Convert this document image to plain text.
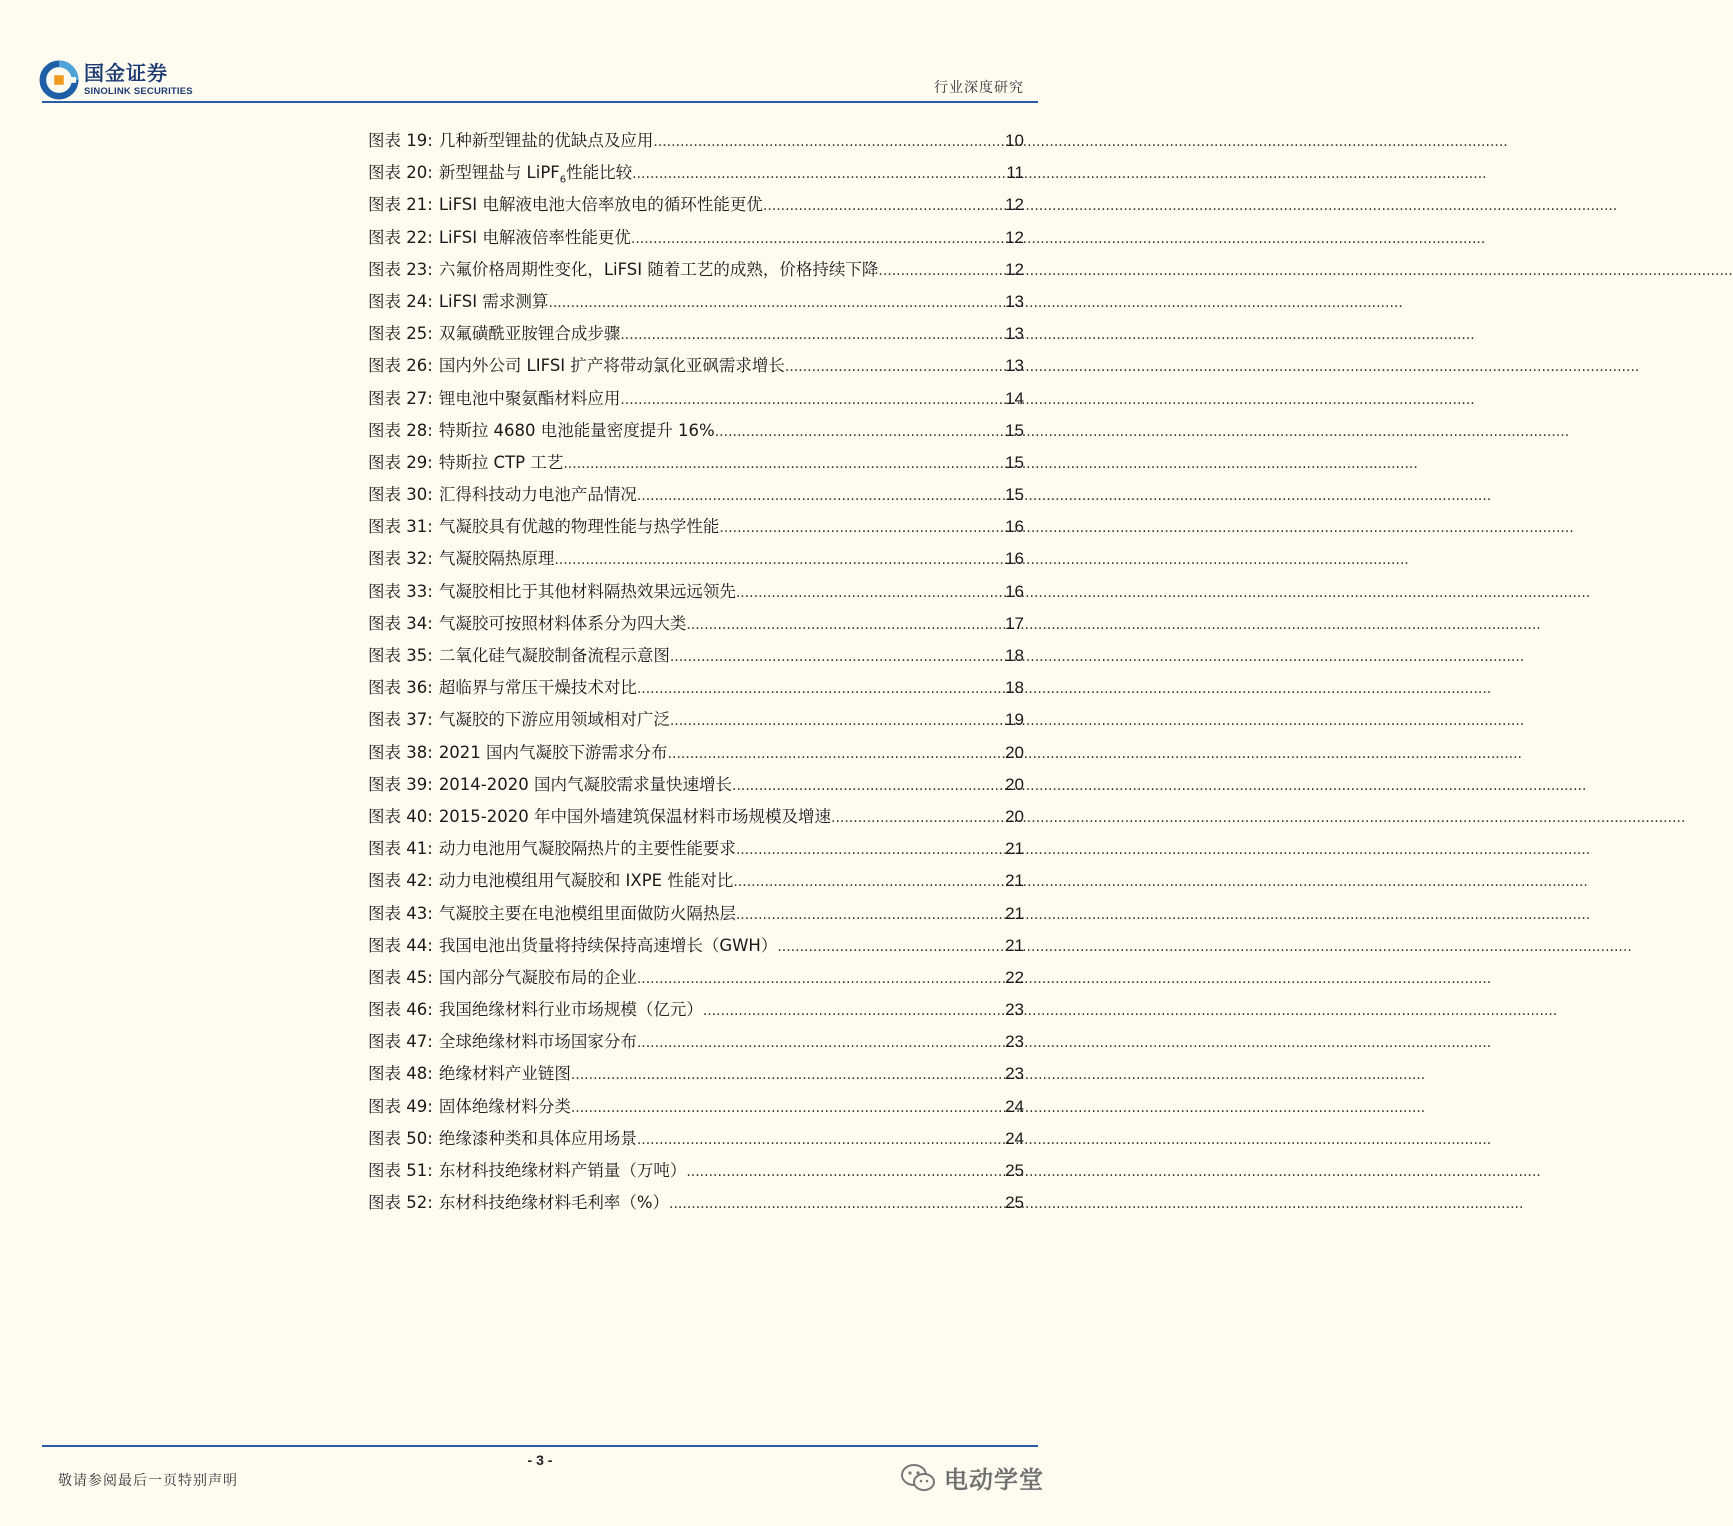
国金证券
SINOLINK SECURITIES	行业深度研究
图表 19: 几种新型锂盐的优缺点及应用 .....	10
图表 20: 新型锂盐与 LiPF$_6$性能比较 .....	11
图表 21: LiFSI 电解液电池大倍率放电的循环性能更优 .....	12
图表 22: LiFSI 电解液倍率性能更优 .....	12
图表 23: 六氟价格周期性变化，LiFSI 随着工艺的成熟，价格持续下降 .....	12
图表 24: LiFSI 需求测算 .....	13
图表 25: 双氟磺酰亚胺锂合成步骤 .....	13
图表 26: 国内外公司 LIFSI 扩产将带动氯化亚砜需求增长 .....	13
图表 27: 锂电池中聚氨酯材料应用 .....	14
图表 28: 特斯拉 4680 电池能量密度提升 16% .....	15
图表 29: 特斯拉 CTP 工艺 .....	15
图表 30: 汇得科技动力电池产品情况 .....	15
图表 31: 气凝胶具有优越的物理性能与热学性能 .....	16
图表 32: 气凝胶隔热原理 .....	16
图表 33: 气凝胶相比于其他材料隔热效果远远领先 .....	16
图表 34: 气凝胶可按照材料体系分为四大类 .....	17
图表 35: 二氧化硅气凝胶制备流程示意图 .....	18
图表 36: 超临界与常压干燥技术对比 .....	18
图表 37: 气凝胶的下游应用领域相对广泛 .....	19
图表 38: 2021 国内气凝胶下游需求分布 .....	20
图表 39: 2014-2020 国内气凝胶需求量快速增长 .....	20
图表 40: 2015-2020 年中国外墙建筑保温材料市场规模及增速 .....	20
图表 41: 动力电池用气凝胶隔热片的主要性能要求 .....	21
图表 42: 动力电池模组用气凝胶和 IXPE 性能对比 .....	21
图表 43: 气凝胶主要在电池模组里面做防火隔热层 .....	21
图表 44: 我国电池出货量将持续保持高速增长（GWH） .....	21
图表 45: 国内部分气凝胶布局的企业 .....	22
图表 46: 我国绝缘材料行业市场规模（亿元） .....	23
图表 47: 全球绝缘材料市场国家分布 .....	23
图表 48: 绝缘材料产业链图 .....	23
图表 49: 固体绝缘材料分类 .....	24
图表 50: 绝缘漆种类和具体应用场景 .....	24
图表 51: 东材科技绝缘材料产销量（万吨） .....	25
图表 52: 东材科技绝缘材料毛利率（%） .....	25
- 3 -
敬请参阅最后一页特别声明	电动学堂
